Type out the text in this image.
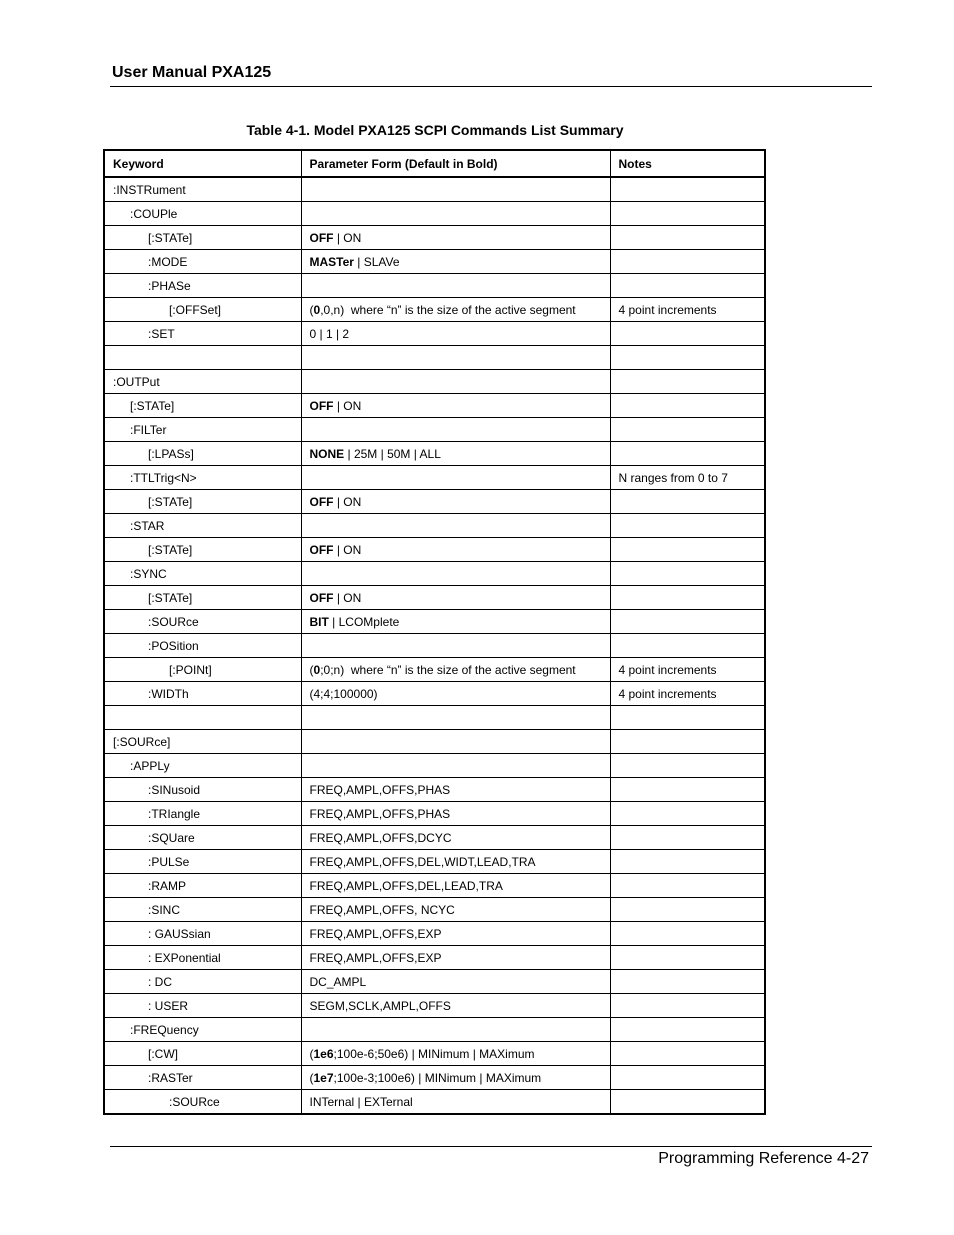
User Manual PXA125
Table 4-1. Model PXA125 SCPI Commands List Summary
Keyword	Parameter Form (Default in Bold)	Notes
:INSTRument		
:COUPle		
[:STATe]	OFF | ON	
:MODE	MASTer | SLAVe	
:PHASe		
[:OFFSet]	(0,0,n)  where “n” is the size of the active segment	4 point increments
:SET	0 | 1 | 2	

:OUTPut		
[:STATe]	OFF | ON	
:FILTer		
[:LPASs]	NONE | 25M | 50M | ALL	
:TTLTrig<N>		N ranges from 0 to 7
[:STATe]	OFF | ON	
:STAR		
[:STATe]	OFF | ON	
:SYNC		
[:STATe]	OFF | ON	
:SOURce	BIT | LCOMplete	
:POSition		
[:POINt]	(0;0;n)  where “n” is the size of the active segment	4 point increments
:WIDTh	(4;4;100000)	4 point increments

[:SOURce]		
:APPLy		
:SINusoid	FREQ,AMPL,OFFS,PHAS	
:TRIangle	FREQ,AMPL,OFFS,PHAS	
:SQUare	FREQ,AMPL,OFFS,DCYC	
:PULSe	FREQ,AMPL,OFFS,DEL,WIDT,LEAD,TRA	
:RAMP	FREQ,AMPL,OFFS,DEL,LEAD,TRA	
:SINC	FREQ,AMPL,OFFS, NCYC	
: GAUSsian	FREQ,AMPL,OFFS,EXP	
: EXPonential	FREQ,AMPL,OFFS,EXP	
: DC	DC_AMPL	
: USER	SEGM,SCLK,AMPL,OFFS	
:FREQuency		
[:CW]	(1e6;100e-6;50e6) | MINimum | MAXimum	
:RASTer	(1e7;100e-3;100e6) | MINimum | MAXimum	
:SOURce	INTernal | EXTernal	
Programming Reference 4-27
